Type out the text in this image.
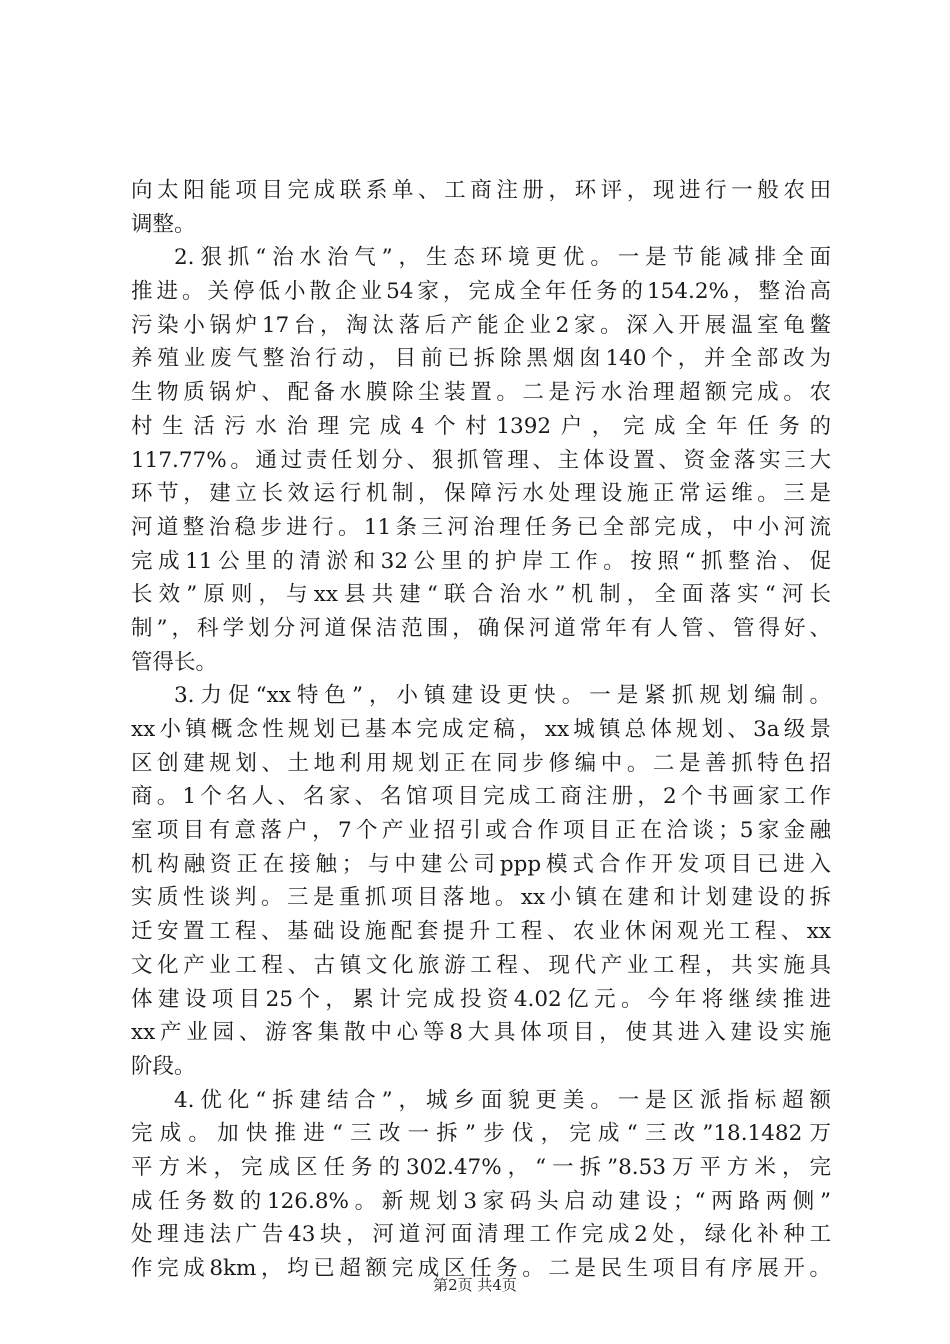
向太阳能项目完成联系单、工商注册，环评，现进行一般农田
调整。
2.狠抓“治水治气”，生态环境更优。一是节能减排全面
推进。关停低小散企业54家，完成全年任务的154.2%，整治高
污染小锅炉17台，淘汰落后产能企业2家。深入开展温室龟鳖
养殖业废气整治行动，目前已拆除黑烟囱140个，并全部改为
生物质锅炉、配备水膜除尘装置。二是污水治理超额完成。农
村生活污水治理完成4个村1392户，完成全年任务的
117.77%。通过责任划分、狠抓管理、主体设置、资金落实三大
环节，建立长效运行机制，保障污水处理设施正常运维。三是
河道整治稳步进行。11条三河治理任务已全部完成，中小河流
完成11公里的清淤和32公里的护岸工作。按照“抓整治、促
长效”原则，与xx县共建“联合治水”机制，全面落实“河长
制”，科学划分河道保洁范围，确保河道常年有人管、管得好、
管得长。
3.力促“xx特色”，小镇建设更快。一是紧抓规划编制。
xx小镇概念性规划已基本完成定稿，xx城镇总体规划、3a级景
区创建规划、土地利用规划正在同步修编中。二是善抓特色招
商。1个名人、名家、名馆项目完成工商注册，2个书画家工作
室项目有意落户，7个产业招引或合作项目正在洽谈；5家金融
机构融资正在接触；与中建公司ppp模式合作开发项目已进入
实质性谈判。三是重抓项目落地。xx小镇在建和计划建设的拆
迁安置工程、基础设施配套提升工程、农业休闲观光工程、xx
文化产业工程、古镇文化旅游工程、现代产业工程，共实施具
体建设项目25个，累计完成投资4.02亿元。今年将继续推进
xx产业园、游客集散中心等8大具体项目，使其进入建设实施
阶段。
4.优化“拆建结合”，城乡面貌更美。一是区派指标超额
完成。加快推进“三改一拆”步伐，完成“三改”18.1482万
平方米，完成区任务的302.47%，“一拆”8.53万平方米，完
成任务数的126.8%。新规划3家码头启动建设；“两路两侧”
处理违法广告43块，河道河面清理工作完成2处，绿化补种工
作完成8km，均已超额完成区任务。二是民生项目有序展开。
第2页 共4页
